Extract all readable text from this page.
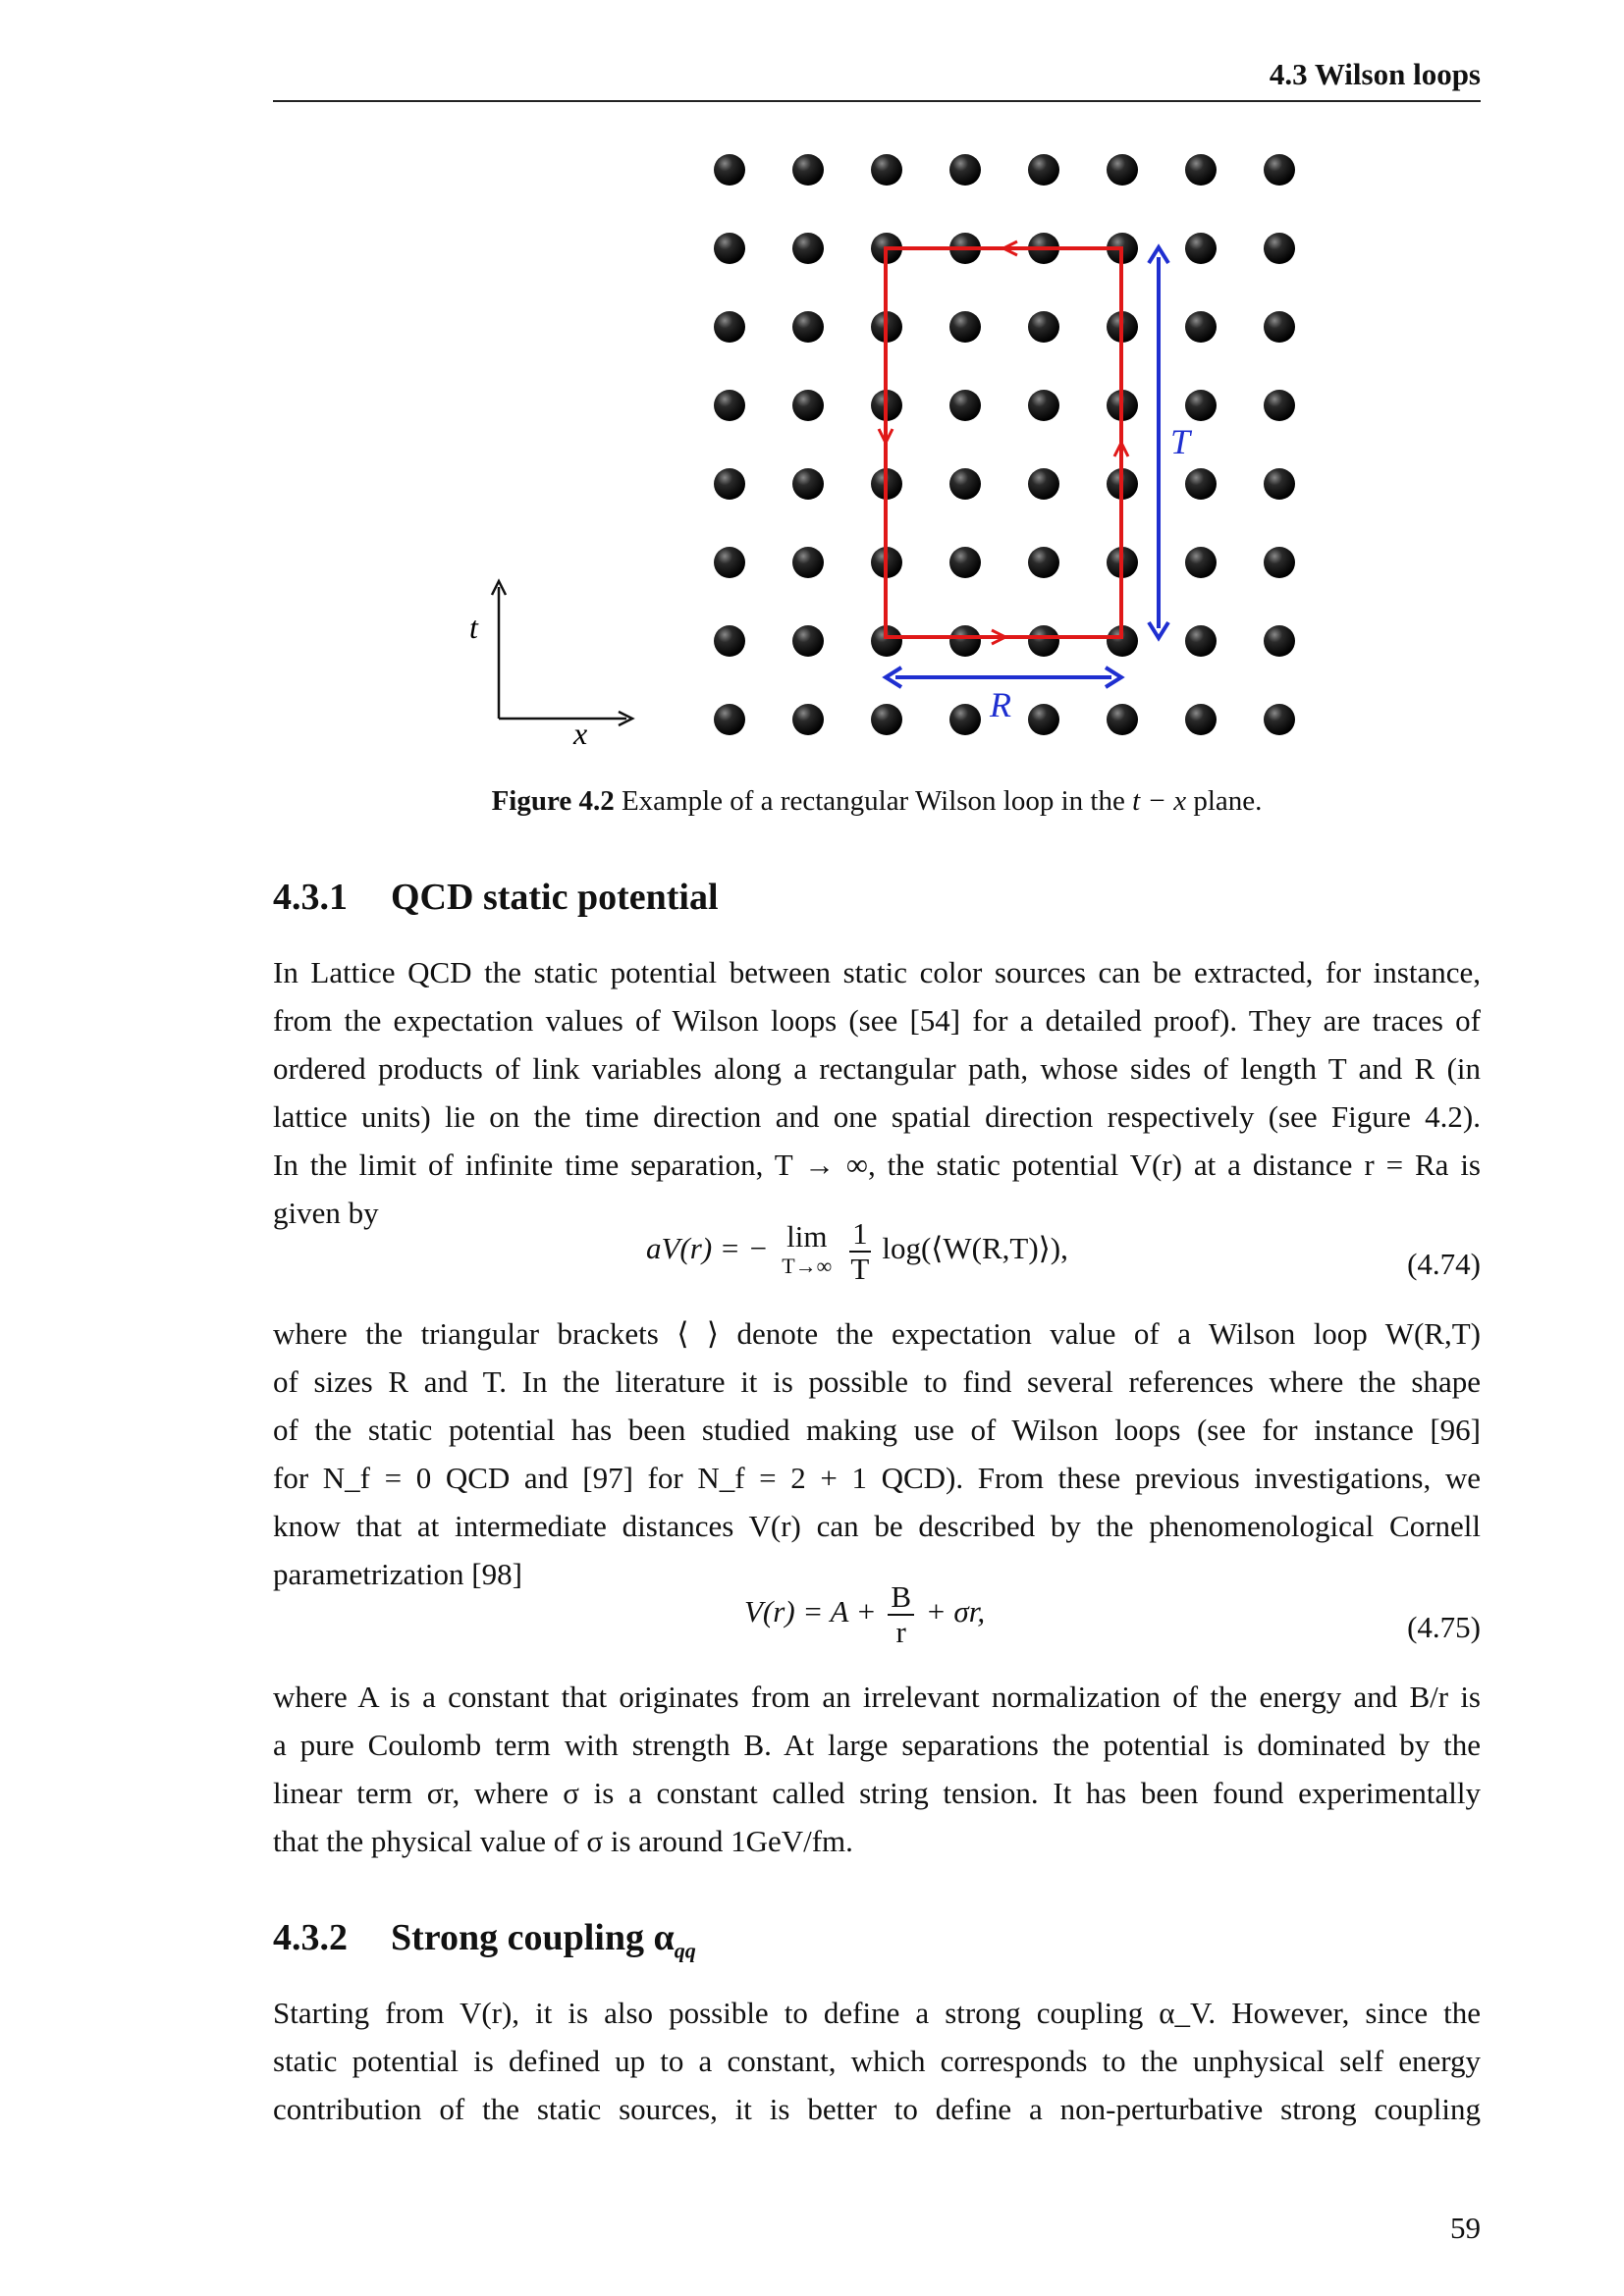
4.3 Wilson loops
T
R
t
x
Figure 4.2 Example of a rectangular Wilson loop in the t − x plane.
4.3.1 QCD static potential
In Lattice QCD the static potential between static color sources can be extracted, for instance,
from the expectation values of Wilson loops (see [54] for a detailed proof). They are traces of
ordered products of link variables along a rectangular path, whose sides of length T and R (in
lattice units) lie on the time direction and one spatial direction respectively (see Figure 4.2).
In the limit of infinite time separation, T → ∞, the static potential V(r) at a distance r = Ra is
given by
aV(r) = − lim
T→∞
$\frac{1}{T}$ log(⟨W(R,T)⟩),	(4.74)
where the triangular brackets ⟨ ⟩ denote the expectation value of a Wilson loop W(R,T)
of sizes R and T. In the literature it is possible to find several references where the shape
of the static potential has been studied making use of Wilson loops (see for instance [96]
for N_f = 0 QCD and [97] for N_f = 2 + 1 QCD). From these previous investigations, we
know that at intermediate distances V(r) can be described by the phenomenological Cornell
parametrization [98]
$V(r) = A + \frac{B}{r} + \sigma r$,	(4.75)
where A is a constant that originates from an irrelevant normalization of the energy and B/r is
a pure Coulomb term with strength B. At large separations the potential is dominated by the
linear term σr, where σ is a constant called string tension. It has been found experimentally
that the physical value of σ is around 1GeV/fm.
4.3.2 Strong coupling $\alpha_{qq}$
Starting from V(r), it is also possible to define a strong coupling α_V. However, since the
static potential is defined up to a constant, which corresponds to the unphysical self energy
contribution of the static sources, it is better to define a non-perturbative strong coupling
59
